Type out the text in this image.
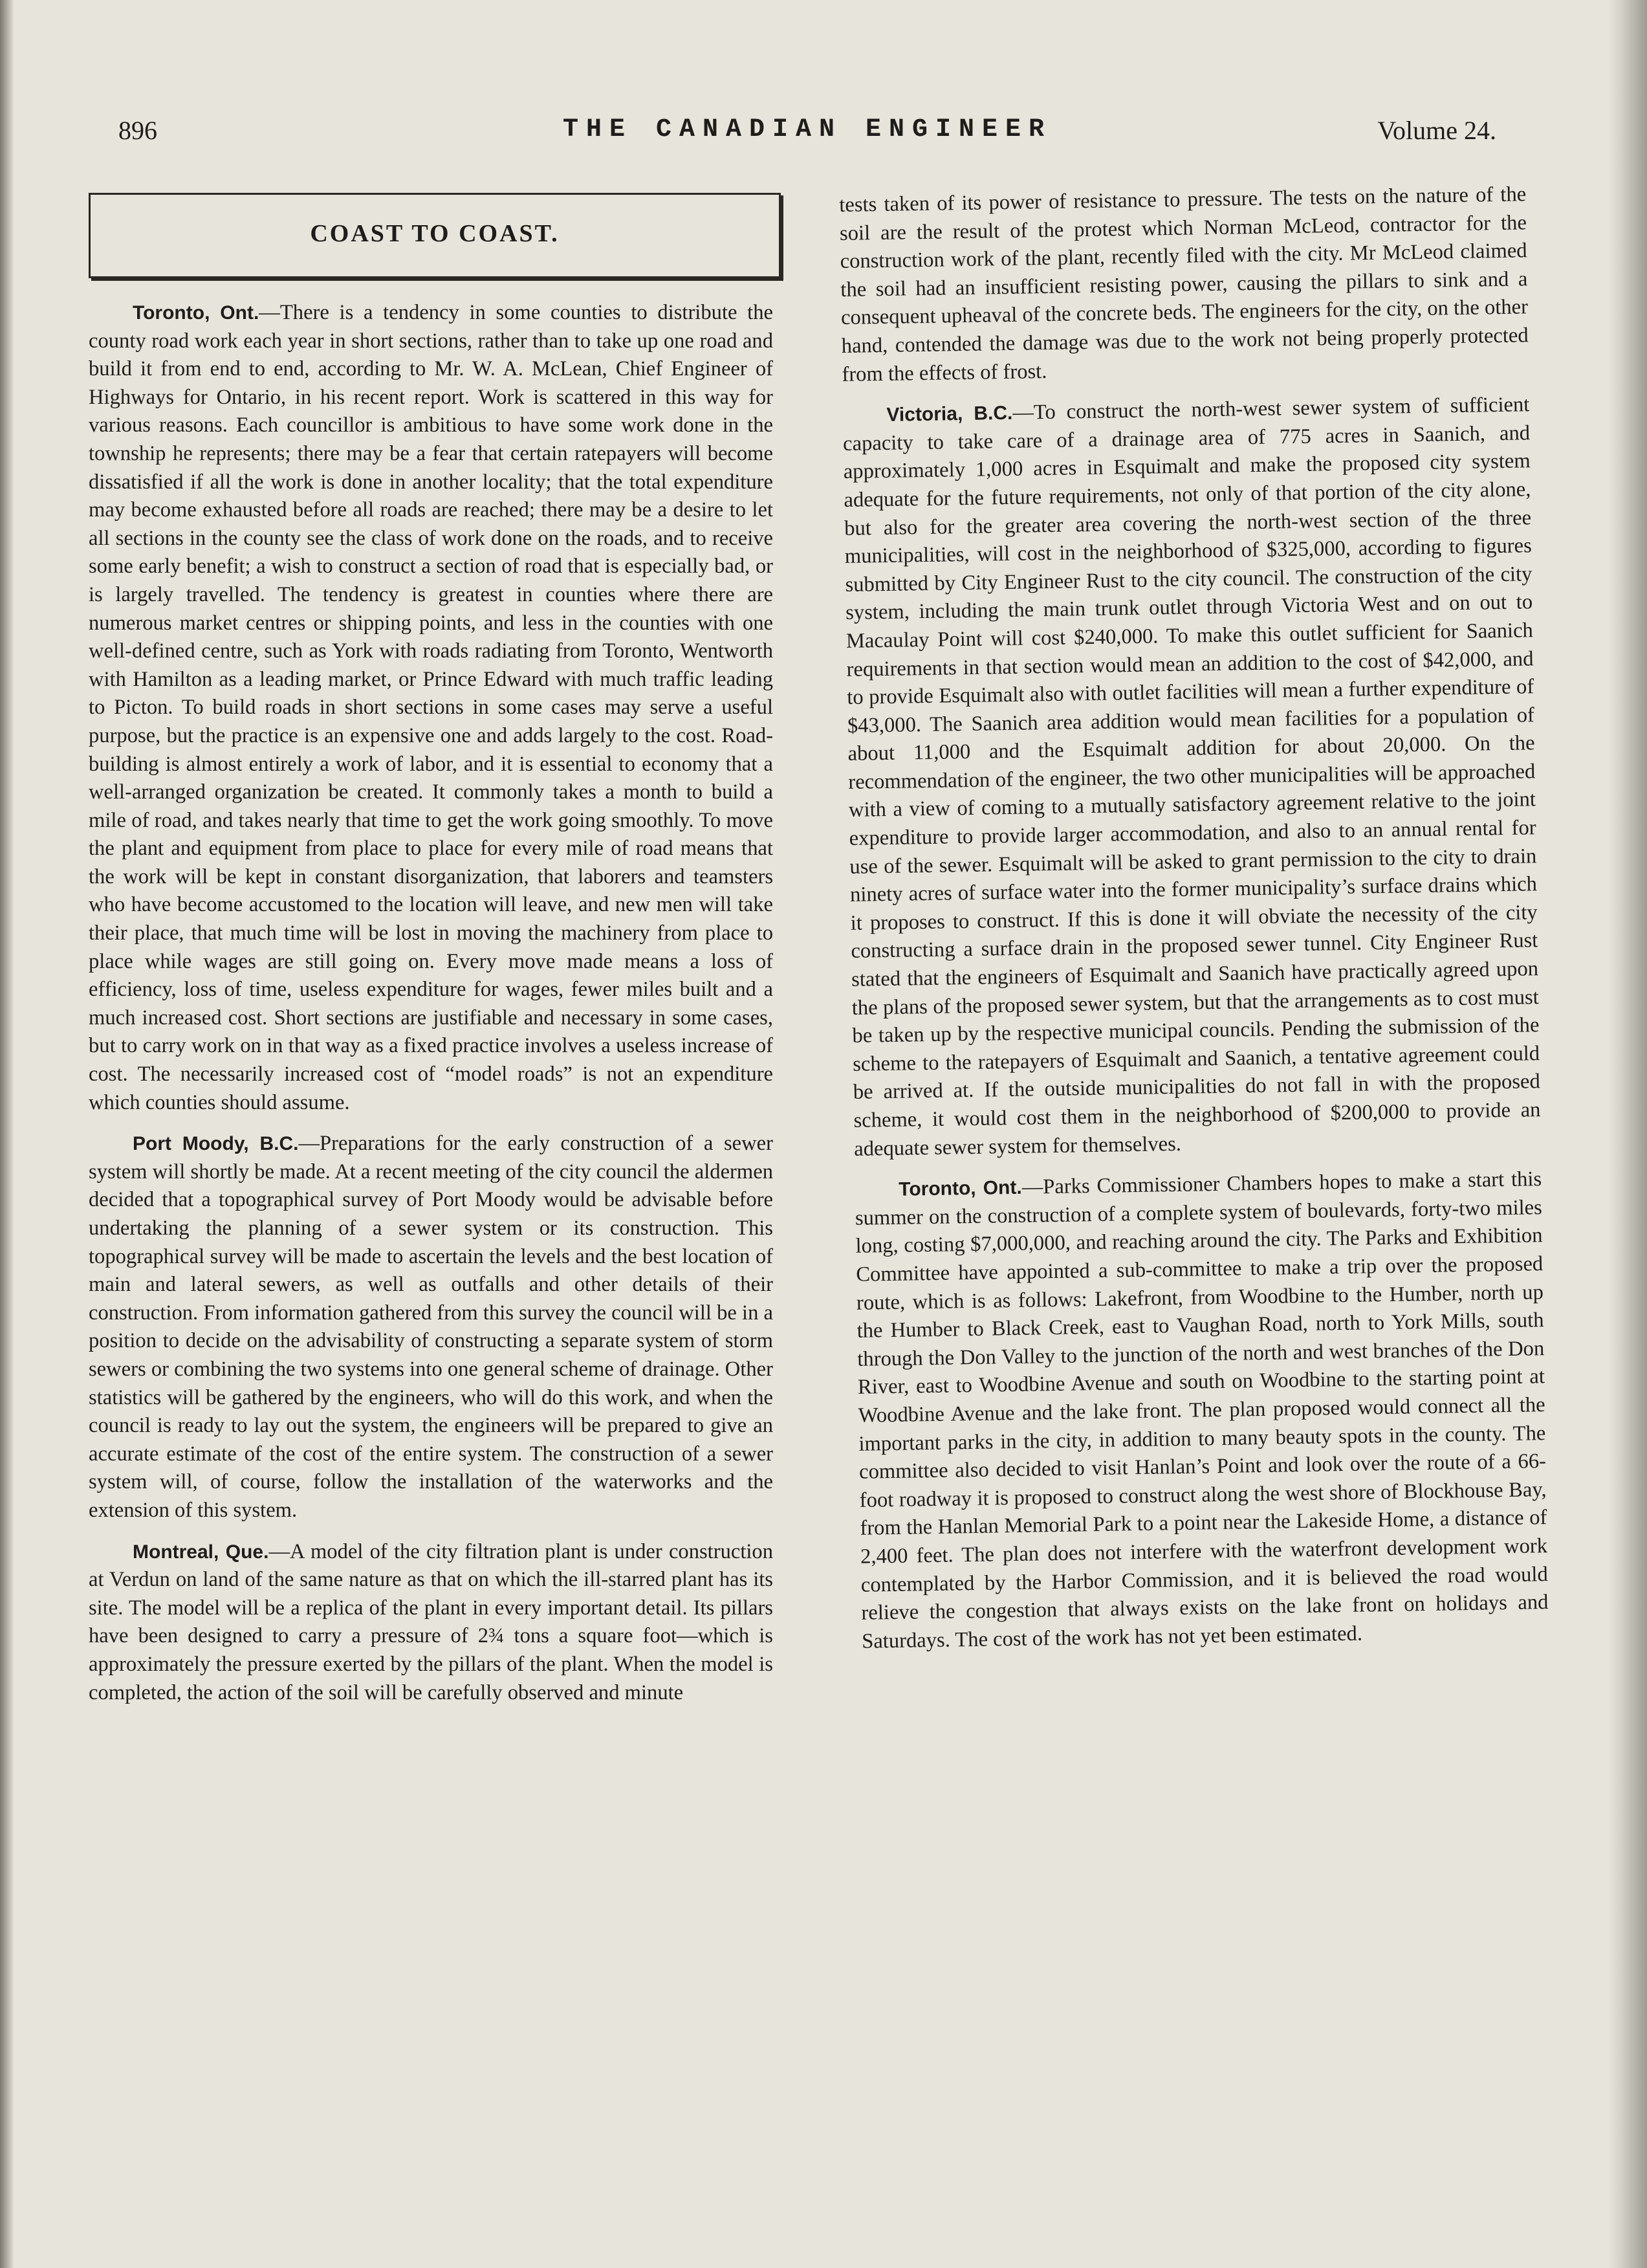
896	THE CANADIAN ENGINEER	Volume 24.
COAST TO COAST.

Toronto, Ont.—There is a tendency in some counties to distribute the county road work each year in short sections, rather than to take up one road and build it from end to end, according to Mr. W. A. McLean, Chief Engineer of Highways for Ontario, in his recent report. Work is scattered in this way for various reasons. Each councillor is ambitious to have some work done in the township he represents; there may be a fear that certain ratepayers will become dissatisfied if all the work is done in another locality; that the total expenditure may become exhausted before all roads are reached; there may be a desire to let all sections in the county see the class of work done on the roads, and to receive some early benefit; a wish to construct a section of road that is especially bad, or is largely travelled. The tendency is greatest in counties where there are numerous market centres or shipping points, and less in the counties with one well-defined centre, such as York with roads radiating from Toronto, Wentworth with Hamilton as a leading market, or Prince Edward with much traffic leading to Picton. To build roads in short sections in some cases may serve a useful purpose, but the practice is an expensive one and adds largely to the cost. Road-building is almost entirely a work of labor, and it is essential to economy that a well-arranged organization be created. It commonly takes a month to build a mile of road, and takes nearly that time to get the work going smoothly. To move the plant and equipment from place to place for every mile of road means that the work will be kept in constant disorganization, that laborers and teamsters who have become accustomed to the location will leave, and new men will take their place, that much time will be lost in moving the machinery from place to place while wages are still going on. Every move made means a loss of efficiency, loss of time, useless expenditure for wages, fewer miles built and a much increased cost. Short sections are justifiable and necessary in some cases, but to carry work on in that way as a fixed practice involves a useless increase of cost. The necessarily increased cost of “model roads” is not an expenditure which counties should assume.

Port Moody, B.C.—Preparations for the early construction of a sewer system will shortly be made. At a recent meeting of the city council the aldermen decided that a topographical survey of Port Moody would be advisable before undertaking the planning of a sewer system or its construction. This topographical survey will be made to ascertain the levels and the best location of main and lateral sewers, as well as outfalls and other details of their construction. From information gathered from this survey the council will be in a position to decide on the advisability of constructing a separate system of storm sewers or combining the two systems into one general scheme of drainage. Other statistics will be gathered by the engineers, who will do this work, and when the council is ready to lay out the system, the engineers will be prepared to give an accurate estimate of the cost of the entire system. The construction of a sewer system will, of course, follow the installation of the waterworks and the extension of this system.

Montreal, Que.—A model of the city filtration plant is under construction at Verdun on land of the same nature as that on which the ill-starred plant has its site. The model will be a replica of the plant in every important detail. Its pillars have been designed to carry a pressure of 2¾ tons a square foot—which is approximately the pressure exerted by the pillars of the plant. When the model is completed, the action of the soil will be carefully observed and minute

tests taken of its power of resistance to pressure. The tests on the nature of the soil are the result of the protest which Norman McLeod, contractor for the construction work of the plant, recently filed with the city. Mr McLeod claimed the soil had an insufficient resisting power, causing the pillars to sink and a consequent upheaval of the concrete beds. The engineers for the city, on the other hand, contended the damage was due to the work not being properly protected from the effects of frost.

Victoria, B.C.—To construct the north-west sewer system of sufficient capacity to take care of a drainage area of 775 acres in Saanich, and approximately 1,000 acres in Esquimalt and make the proposed city system adequate for the future requirements, not only of that portion of the city alone, but also for the greater area covering the north-west section of the three municipalities, will cost in the neighborhood of $325,000, according to figures submitted by City Engineer Rust to the city council. The construction of the city system, including the main trunk outlet through Victoria West and on out to Macaulay Point will cost $240,000. To make this outlet sufficient for Saanich requirements in that section would mean an addition to the cost of $42,000, and to provide Esquimalt also with outlet facilities will mean a further expenditure of $43,000. The Saanich area addition would mean facilities for a population of about 11,000 and the Esquimalt addition for about 20,000. On the recommendation of the engineer, the two other municipalities will be approached with a view of coming to a mutually satisfactory agreement relative to the joint expenditure to provide larger accommodation, and also to an annual rental for use of the sewer. Esquimalt will be asked to grant permission to the city to drain ninety acres of surface water into the former municipality’s surface drains which it proposes to construct. If this is done it will obviate the necessity of the city constructing a surface drain in the proposed sewer tunnel. City Engineer Rust stated that the engineers of Esquimalt and Saanich have practically agreed upon the plans of the proposed sewer system, but that the arrangements as to cost must be taken up by the respective municipal councils. Pending the submission of the scheme to the ratepayers of Esquimalt and Saanich, a tentative agreement could be arrived at. If the outside municipalities do not fall in with the proposed scheme, it would cost them in the neighborhood of $200,000 to provide an adequate sewer system for themselves.

Toronto, Ont.—Parks Commissioner Chambers hopes to make a start this summer on the construction of a complete system of boulevards, forty-two miles long, costing $7,000,000, and reaching around the city. The Parks and Exhibition Committee have appointed a sub-committee to make a trip over the proposed route, which is as follows: Lakefront, from Woodbine to the Humber, north up the Humber to Black Creek, east to Vaughan Road, north to York Mills, south through the Don Valley to the junction of the north and west branches of the Don River, east to Woodbine Avenue and south on Woodbine to the starting point at Woodbine Avenue and the lake front. The plan proposed would connect all the important parks in the city, in addition to many beauty spots in the county. The committee also decided to visit Hanlan’s Point and look over the route of a 66-foot roadway it is proposed to construct along the west shore of Blockhouse Bay, from the Hanlan Memorial Park to a point near the Lakeside Home, a distance of 2,400 feet. The plan does not interfere with the waterfront development work contemplated by the Harbor Commission, and it is believed the road would relieve the congestion that always exists on the lake front on holidays and Saturdays. The cost of the work has not yet been estimated.
